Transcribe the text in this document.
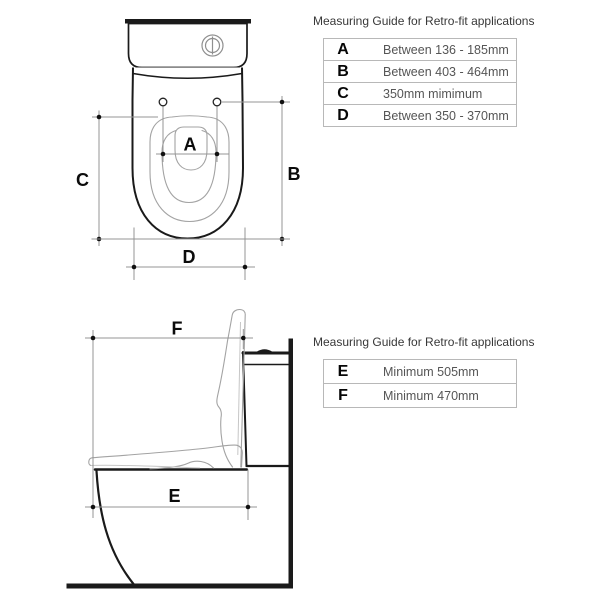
A
B
C
D
F
E
Measuring Guide for Retro-fit applications
A	Between 136 - 185mm
B	Between 403 - 464mm
C	350mm mimimum
D	Between 350 - 370mm
Measuring Guide for Retro-fit applications
E	Minimum 505mm
F	Minimum 470mm
